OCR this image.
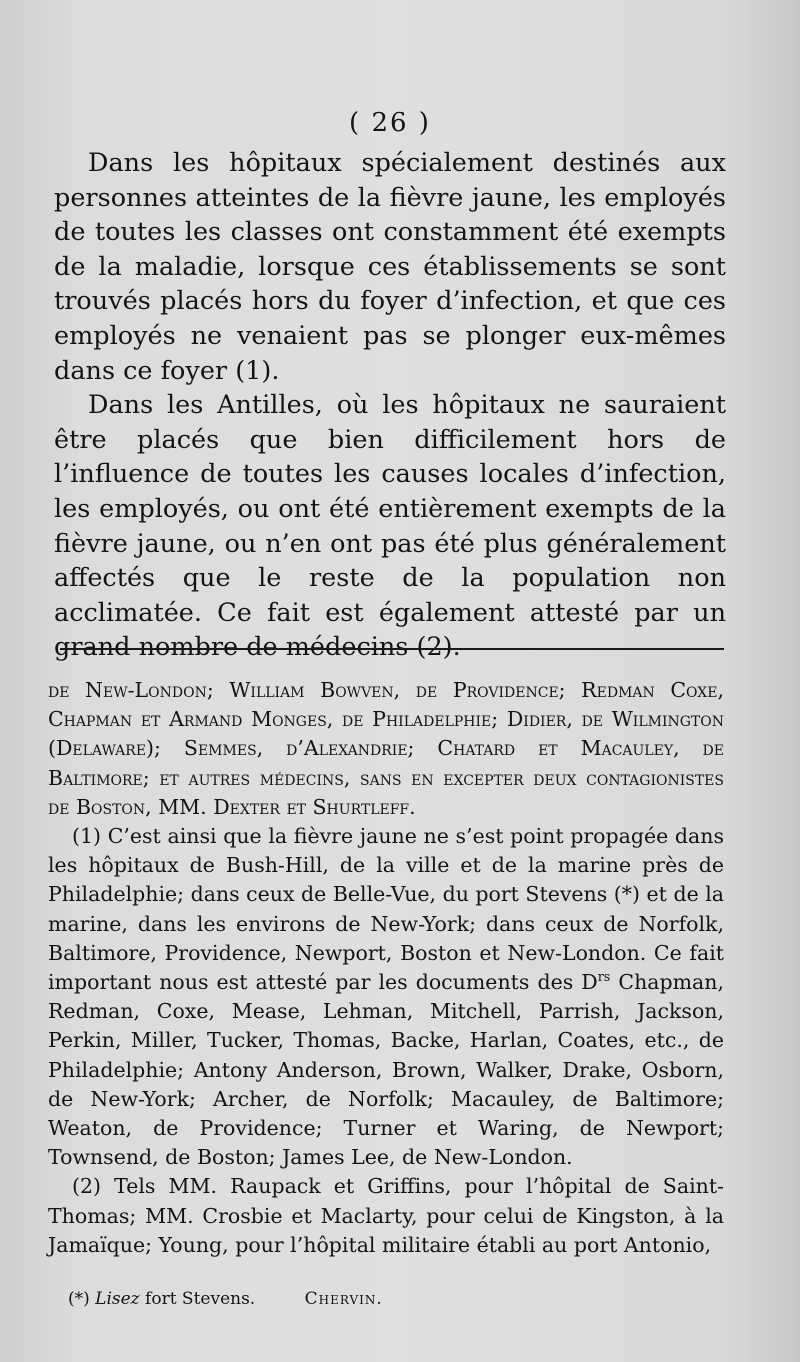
( 26 )

Dans les hôpitaux spécialement destinés aux personnes atteintes de la fièvre jaune, les employés de toutes les classes ont constamment été exempts de la maladie, lorsque ces établissements se sont trouvés placés hors du foyer d’infection, et que ces employés ne venaient pas se plonger eux-mêmes dans ce foyer (1).

Dans les Antilles, où les hôpitaux ne sauraient être placés que bien difficilement hors de l’influence de toutes les causes locales d’infection, les employés, ou ont été entièrement exempts de la fièvre jaune, ou n’en ont pas été plus généralement affectés que le reste de la population non acclimatée. Ce fait est également attesté par un grand nombre de médecins (2).

de New-London; William Bowven, de Providence; Redman Coxe, Chapman et Armand Monges, de Philadelphie; Didier, de Wilmington (Delaware); Semmes, d’Alexandrie; Chatard et Macauley, de Baltimore; et autres médecins, sans en excepter deux contagionistes de Boston, MM. Dexter et Shurtleff.

(1) C’est ainsi que la fièvre jaune ne s’est point propagée dans les hôpitaux de Bush-Hill, de la ville et de la marine près de Philadelphie; dans ceux de Belle-Vue, du port Stevens (*) et de la marine, dans les environs de New-York; dans ceux de Norfolk, Baltimore, Providence, Newport, Boston et New-London. Ce fait important nous est attesté par les documents des $D^{rs}$ Chapman, Redman, Coxe, Mease, Lehman, Mitchell, Parrish, Jackson, Perkin, Miller, Tucker, Thomas, Backe, Harlan, Coates, etc., de Philadelphie; Antony Anderson, Brown, Walker, Drake, Osborn, de New-York; Archer, de Norfolk; Macauley, de Baltimore; Weaton, de Providence; Turner et Waring, de Newport; Townsend, de Boston; James Lee, de New-London.

(2) Tels MM. Raupack et Griffins, pour l’hôpital de Saint-Thomas; MM. Crosbie et Maclarty, pour celui de Kingston, à la Jamaïque; Young, pour l’hôpital militaire établi au port Antonio,

(*) Lisez fort Stevens.	Chervin.
